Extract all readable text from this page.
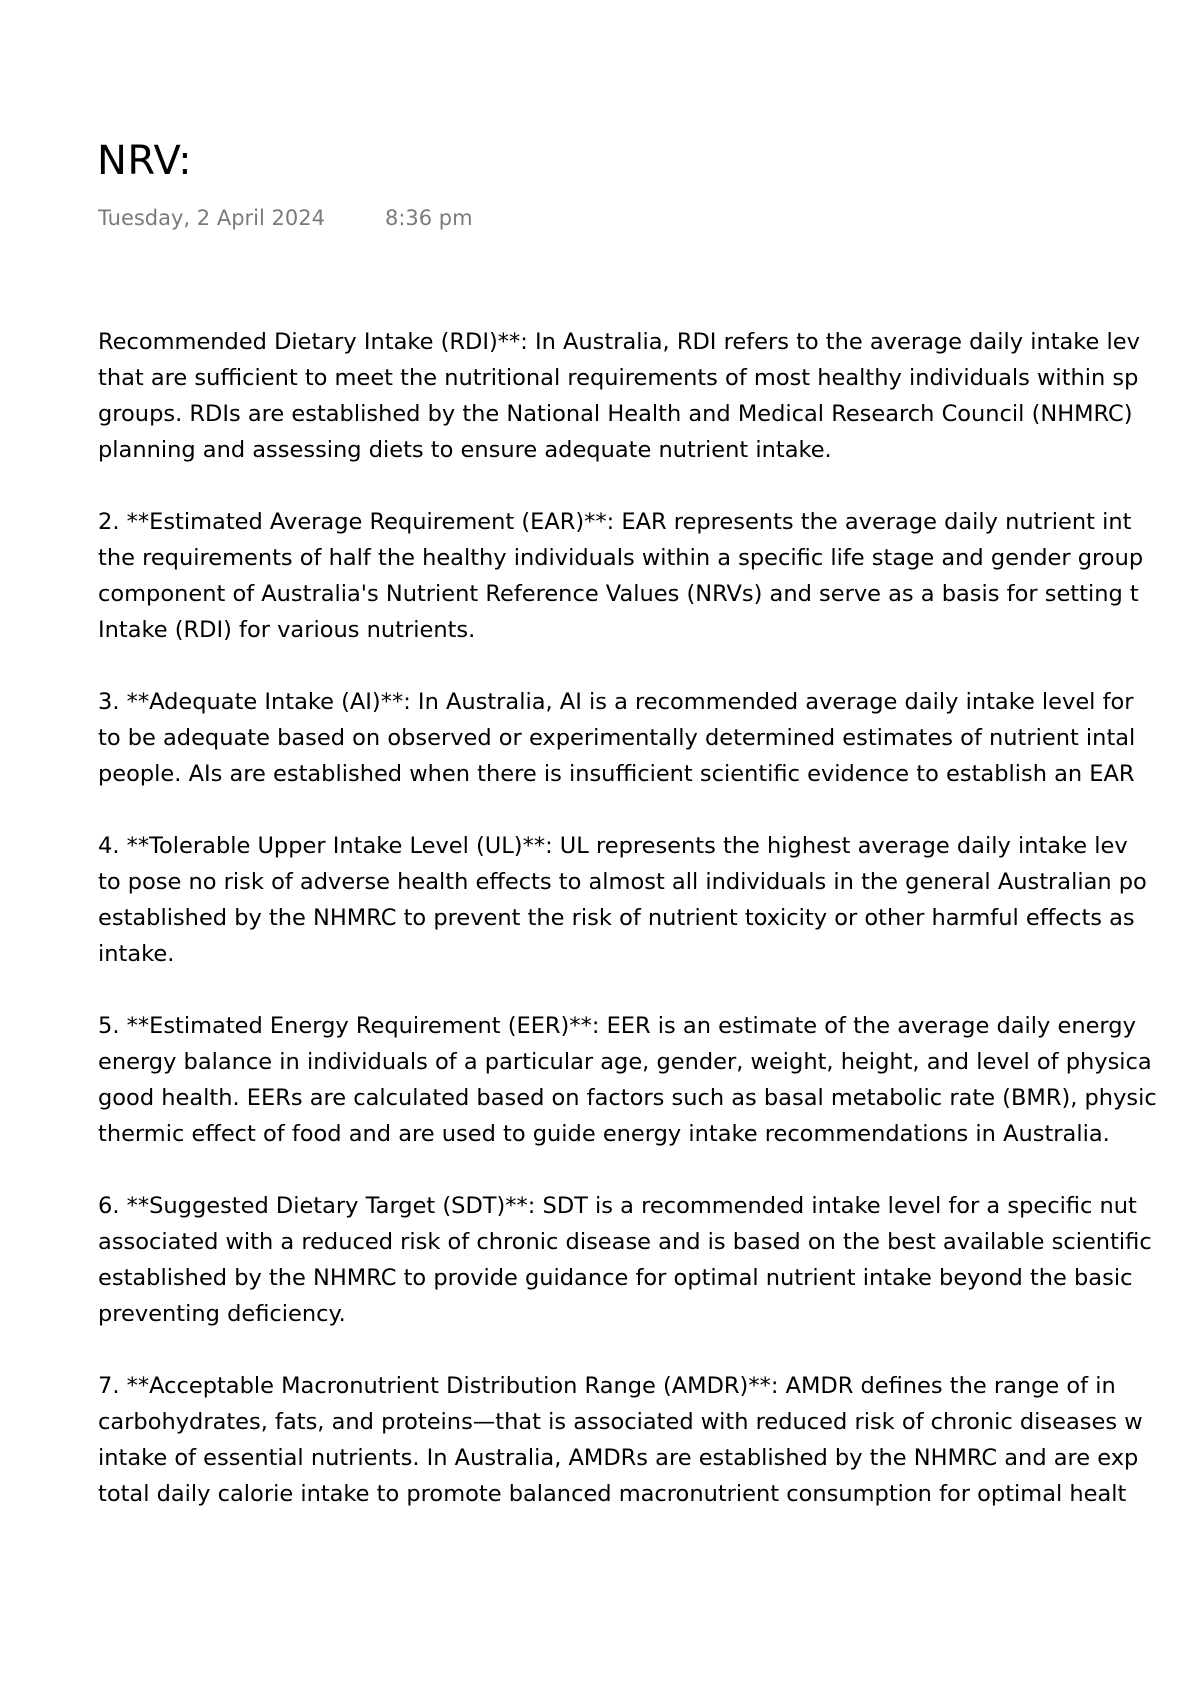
NRV:
Tuesday, 2 April 2024	8:36 pm
Recommended Dietary Intake (RDI)**: In Australia, RDI refers to the average daily intake lev
that are sufficient to meet the nutritional requirements of most healthy individuals within sp
groups. RDIs are established by the National Health and Medical Research Council (NHMRC)
planning and assessing diets to ensure adequate nutrient intake.
2. **Estimated Average Requirement (EAR)**: EAR represents the average daily nutrient int
the requirements of half the healthy individuals within a specific life stage and gender group
component of Australia's Nutrient Reference Values (NRVs) and serve as a basis for setting t
Intake (RDI) for various nutrients.
3. **Adequate Intake (AI)**: In Australia, AI is a recommended average daily intake level for
to be adequate based on observed or experimentally determined estimates of nutrient intal
people. AIs are established when there is insufficient scientific evidence to establish an EAR
4. **Tolerable Upper Intake Level (UL)**: UL represents the highest average daily intake lev
to pose no risk of adverse health effects to almost all individuals in the general Australian po
established by the NHMRC to prevent the risk of nutrient toxicity or other harmful effects as
intake.
5. **Estimated Energy Requirement (EER)**: EER is an estimate of the average daily energy
energy balance in individuals of a particular age, gender, weight, height, and level of physica
good health. EERs are calculated based on factors such as basal metabolic rate (BMR), physic
thermic effect of food and are used to guide energy intake recommendations in Australia.
6. **Suggested Dietary Target (SDT)**: SDT is a recommended intake level for a specific nut
associated with a reduced risk of chronic disease and is based on the best available scientific
established by the NHMRC to provide guidance for optimal nutrient intake beyond the basic
preventing deficiency.
7. **Acceptable Macronutrient Distribution Range (AMDR)**: AMDR defines the range of in
carbohydrates, fats, and proteins—that is associated with reduced risk of chronic diseases w
intake of essential nutrients. In Australia, AMDRs are established by the NHMRC and are exp
total daily calorie intake to promote balanced macronutrient consumption for optimal healt
